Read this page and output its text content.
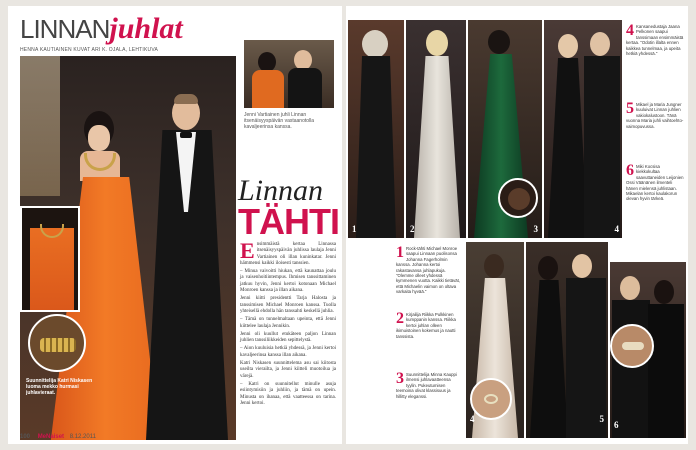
LINNANjuhlat
HENNA KAUTIAINEN KUVAT ARI K. OJALA, LEHTIKUVA
Suunnittelija Katri Niskasen luoma mekko hurmasi juhlavieraat.
Linnan
TÄHTI
E nsimmäistä kertaa Linnassa itsenäisyyspäivän juhlissa laulaja Jenni Vartiainen oli illan kuninkatar. Jenni hämmensi kaikki iloisesti tanssien.

– Minua vaivoitti hiukan, että kaunattaa joulu ja vaisenhoitiintempus. Ihmisen tanssittaminen jatkuu hyvin, Jenni kertoi kotonaan Michael Monroen kanssa ja illan aikana.

Jenni kiitti presidentti Tarja Halosta ja tanssimisen Michael Monroen kanssa. Tuolla yhteisellä ehdolla hän tanssahti keskellä juhlia.

– Tämä on tunnelmaltaan upeinta, että Jenni kiittelee laulaja Jennikin.

Jenni oli kuullut etukäteen paljon Linnan juhlien tanssiliikkeiden sepittelystä.

– Aion kuuluisia hetkiä yhdessä, ja Jenni kertoi kavaljeerinsa kanssa illan aikana.

Katri Niskasen suunnittelema asu sai kiitosta useilta vierailta, ja Jenni kiitteli muotoilua ja värejä.

– Katri on suunnitellut minulle asuja esiintymisiin ja juhliin, ja tämä on upein. Minusta on ihanaa, että vaatteessa on tarina. Jenni kertoi.

Jenni Vartiainen juhli Linnan itsenäisyyspäivän vastaanotolla kavaljeerinsa kanssa.
100 MeNaiset 8.12.2011
1	2	3	4
4 Kansanedustaja Jaana Pelkonen saapui tanssimaan ensimmäistä kertaa. "Odotin illalta ennen kaikkea tunnelmaa, ja upeita hetkiä yhdessä."
5 Mikael ja Maria Jungner kuuluivat Linnan juhlien vakiokalustoon. Tänä vuonna Maria juhli vaihtoehto-vaimopuvussa.
6 Miki Kocsisa kiekkokultaa saavuttaneiden Leijonien Ossi Väänänen ilmenteli hänen mielensä juhlistaan. Mikaelan kertoi kaulakorun olevan hyvin tärkeä.
1 Rock-tähti Michael Monroe saapui Linnaan puolisonsa Johanna Fagerholmin kanssa. Johanna kertoi rakastavansa juhlapukuja. "Olemme olleet yhdessä kymmenen vuotta. Kaikki tietävät, että Michaelin vaimon on oltava varkaita hyvää."
2 Kirjailija Riikka Pulkkinen kumppanin kanssa. Riikka kertoi juhlan olleen ikimuistoinen kokemus ja nautti tanssista.
3 Suunnittelija Minna Kauppi ilmensi juhlavaatteensa tyylin. Pukeutumisen teemoina olivat klassisuus ja hillitty eleganssi.
4	5
6
